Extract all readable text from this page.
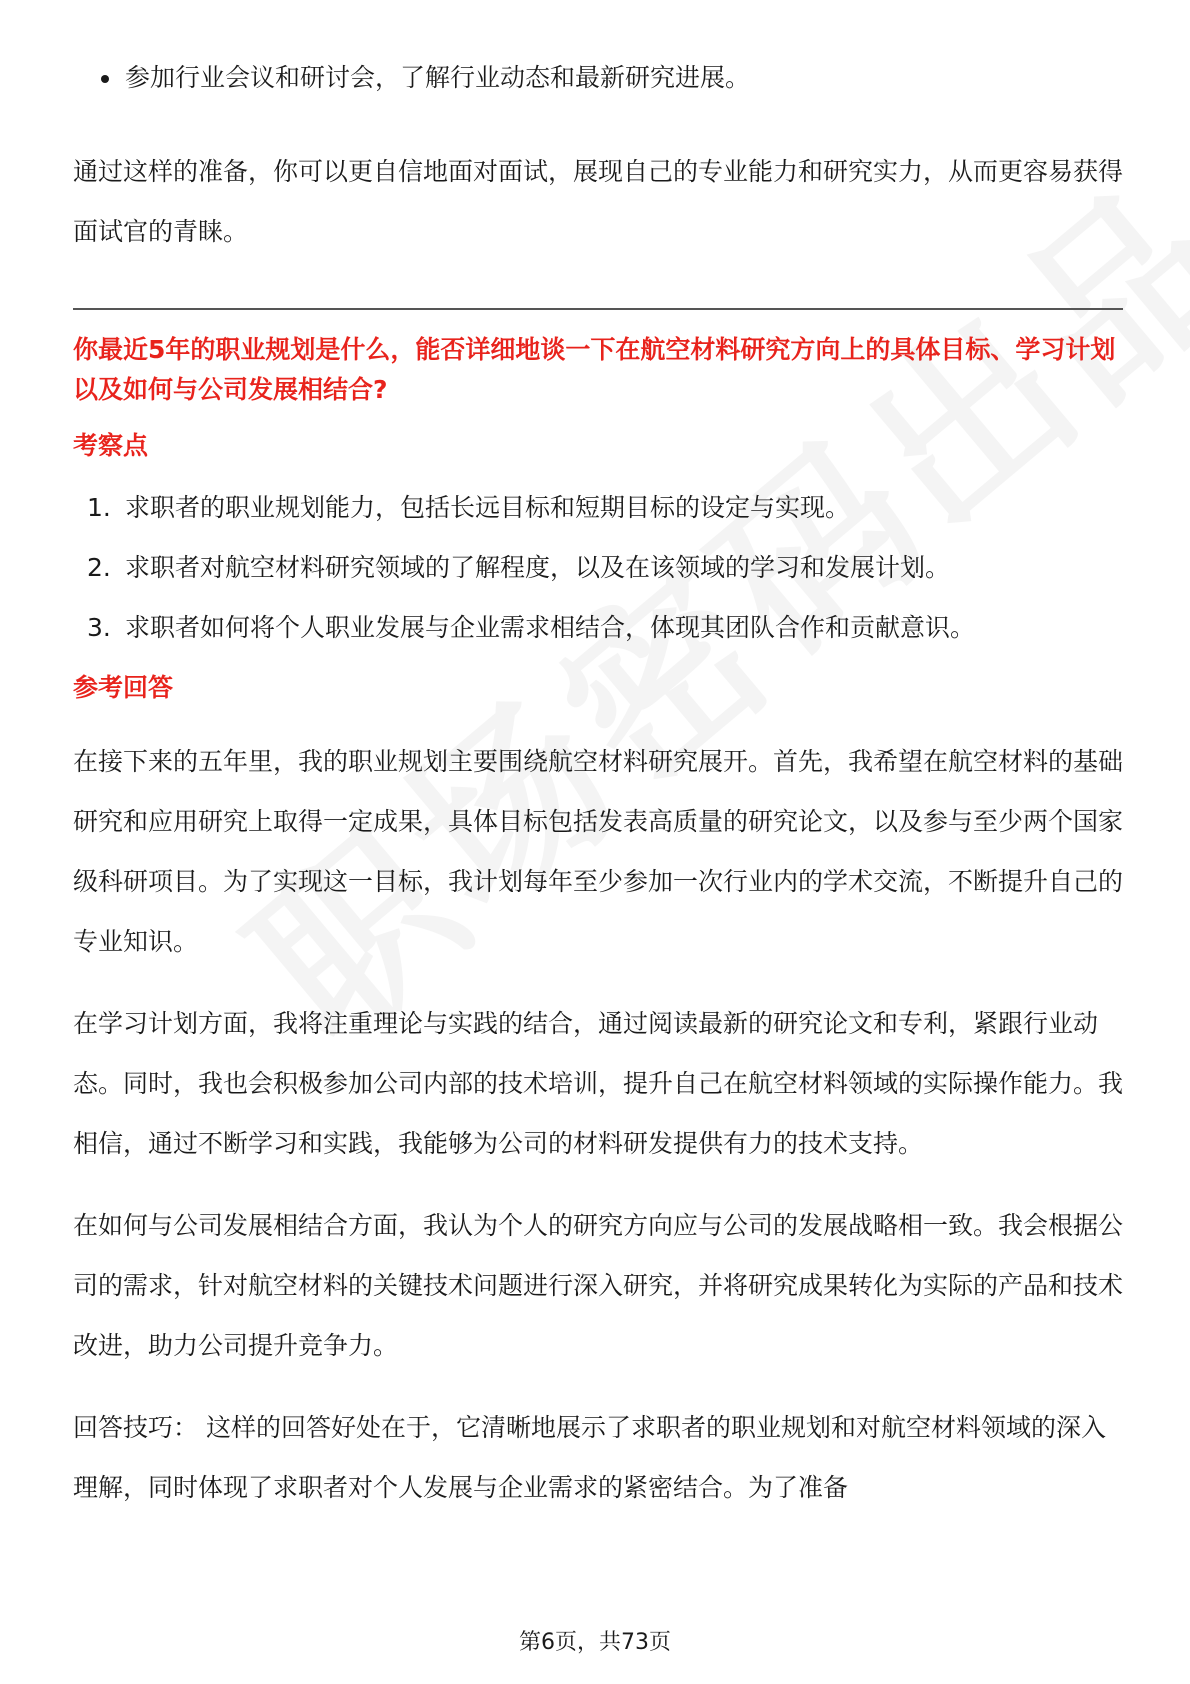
参加行业会议和研讨会，了解行业动态和最新研究进展。

通过这样的准备，你可以更自信地面对面试，展现自己的专业能力和研究实力，从而更容易获得面试官的青睐。

你最近5年的职业规划是什么，能否详细地谈一下在航空材料研究方向上的具体目标、学习计划以及如何与公司发展相结合?
考察点
1. 求职者的职业规划能力，包括长远目标和短期目标的设定与实现。
2. 求职者对航空材料研究领域的了解程度，以及在该领域的学习和发展计划。
3. 求职者如何将个人职业发展与企业需求相结合，体现其团队合作和贡献意识。
参考回答

在接下来的五年里，我的职业规划主要围绕航空材料研究展开。首先，我希望在航空材料的基础研究和应用研究上取得一定成果，具体目标包括发表高质量的研究论文，以及参与至少两个国家级科研项目。为了实现这一目标，我计划每年至少参加一次行业内的学术交流，不断提升自己的专业知识。

在学习计划方面，我将注重理论与实践的结合，通过阅读最新的研究论文和专利，紧跟行业动态。同时，我也会积极参加公司内部的技术培训，提升自己在航空材料领域的实际操作能力。我相信，通过不断学习和实践，我能够为公司的材料研发提供有力的技术支持。

在如何与公司发展相结合方面，我认为个人的研究方向应与公司的发展战略相一致。我会根据公司的需求，针对航空材料的关键技术问题进行深入研究，并将研究成果转化为实际的产品和技术改进，助力公司提升竞争力。

回答技巧： 这样的回答好处在于，它清晰地展示了求职者的职业规划和对航空材料领域的深入理解，同时体现了求职者对个人发展与企业需求的紧密结合。为了准备

第6页，共73页
